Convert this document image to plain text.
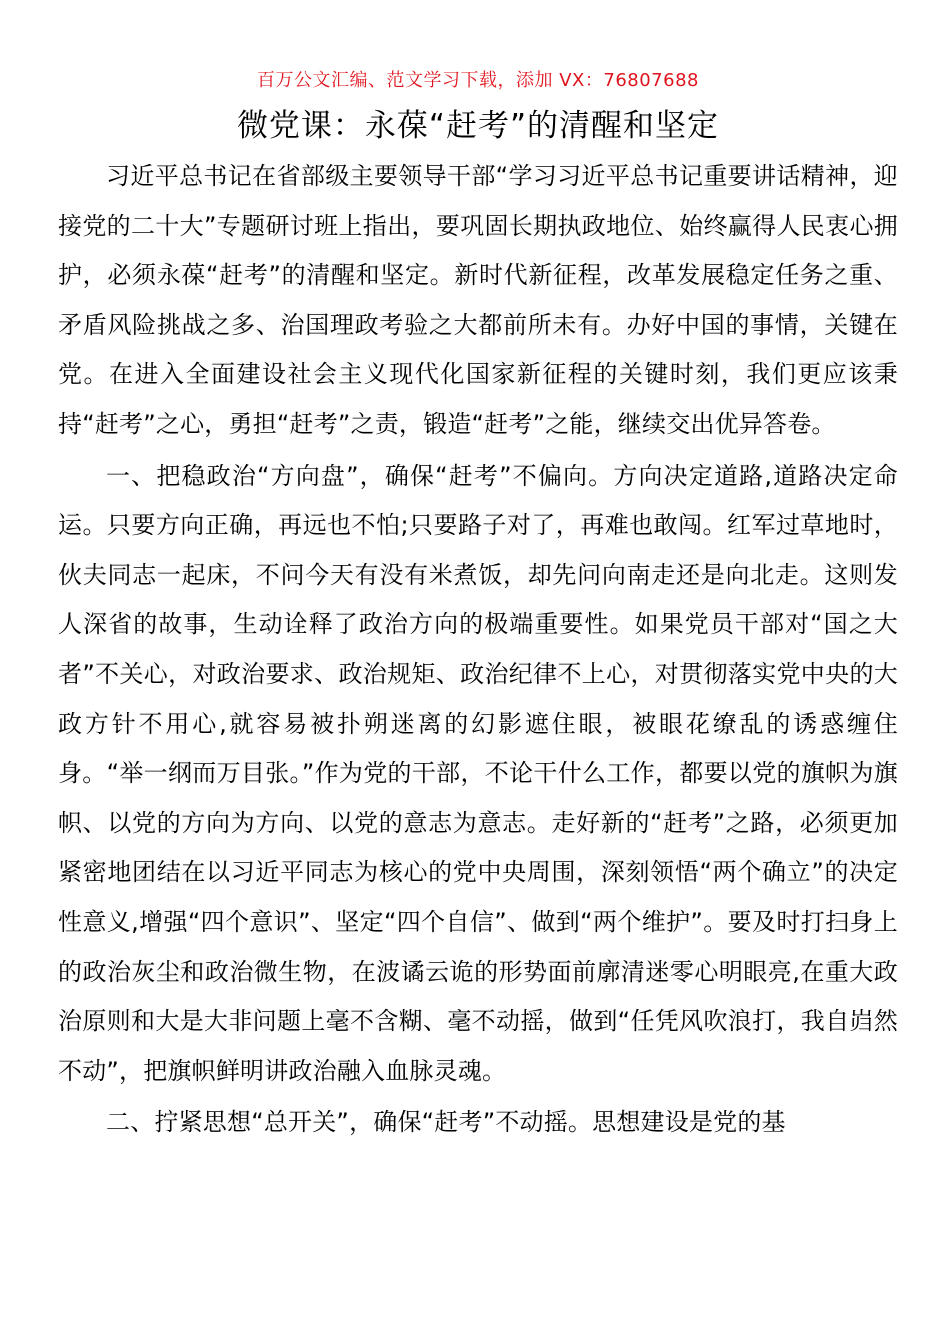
百万公文汇编、范文学习下载，添加 VX：76807688
微党课：永葆“赶考”的清醒和坚定

习近平总书记在省部级主要领导干部“学习习近平总书记重要讲话精神，迎接党的二十大”专题研讨班上指出，要巩固长期执政地位、始终赢得人民衷心拥护，必须永葆“赶考”的清醒和坚定。新时代新征程，改革发展稳定任务之重、矛盾风险挑战之多、治国理政考验之大都前所未有。办好中国的事情，关键在党。在进入全面建设社会主义现代化国家新征程的关键时刻，我们更应该秉持“赶考”之心，勇担“赶考”之责，锻造“赶考”之能，继续交出优异答卷。

一、把稳政治“方向盘”，确保“赶考”不偏向。方向决定道路,道路决定命运。只要方向正确，再远也不怕;只要路子对了，再难也敢闯。红军过草地时，伙夫同志一起床，不问今天有没有米煮饭，却先问向南走还是向北走。这则发人深省的故事，生动诠释了政治方向的极端重要性。如果党员干部对“国之大者”不关心，对政治要求、政治规矩、政治纪律不上心，对贯彻落实党中央的大政方针不用心,就容易被扑朔迷离的幻影遮住眼，被眼花缭乱的诱惑缠住身。“举一纲而万目张。”作为党的干部，不论干什么工作，都要以党的旗帜为旗帜、以党的方向为方向、以党的意志为意志。走好新的“赶考”之路，必须更加紧密地团结在以习近平同志为核心的党中央周围，深刻领悟“两个确立”的决定性意义,增强“四个意识”、坚定“四个自信”、做到“两个维护”。要及时打扫身上的政治灰尘和政治微生物，在波谲云诡的形势面前廓清迷零心明眼亮,在重大政治原则和大是大非问题上毫不含糊、毫不动摇，做到“任凭风吹浪打，我自岿然不动”，把旗帜鲜明讲政治融入血脉灵魂。

二、拧紧思想“总开关”，确保“赶考”不动摇。思想建设是党的基
